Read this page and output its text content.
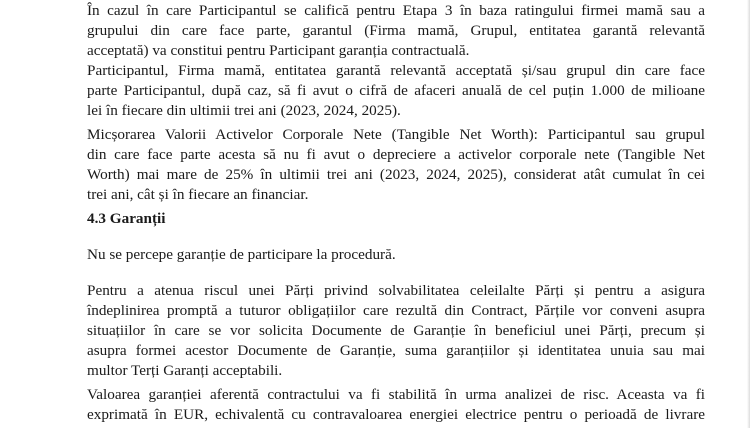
În cazul în care Participantul se califică pentru Etapa 3 în baza ratingului firmei mamă sau a
grupului din care face parte, garantul (Firma mamă, Grupul, entitatea garantă relevantă
acceptată) va constitui pentru Participant garanția contractuală.
Participantul, Firma mamă, entitatea garantă relevantă acceptată și/sau grupul din care face
parte Participantul, după caz, să fi avut o cifră de afaceri anuală de cel puțin 1.000 de milioane
lei în fiecare din ultimii trei ani (2023, 2024, 2025).
Micșorarea Valorii Activelor Corporale Nete (Tangible Net Worth): Participantul sau grupul
din care face parte acesta să nu fi avut o depreciere a activelor corporale nete (Tangible Net
Worth) mai mare de 25% în ultimii trei ani (2023, 2024, 2025), considerat atât cumulat în cei
trei ani, cât și în fiecare an financiar.
4.3 Garanții
Nu se percepe garanție de participare la procedură.
Pentru a atenua riscul unei Părți privind solvabilitatea celeilalte Părți și pentru a asigura
îndeplinirea promptă a tuturor obligațiilor care rezultă din Contract, Părțile vor conveni asupra
situațiilor în care se vor solicita Documente de Garanție în beneficiul unei Părți, precum și
asupra formei acestor Documente de Garanție, suma garanțiilor și identitatea unuia sau mai
multor Terți Garanți acceptabili.
Valoarea garanției aferentă contractului va fi stabilită în urma analizei de risc. Aceasta va fi
exprimată în EUR, echivalentă cu contravaloarea energiei electrice pentru o perioadă de livrare
